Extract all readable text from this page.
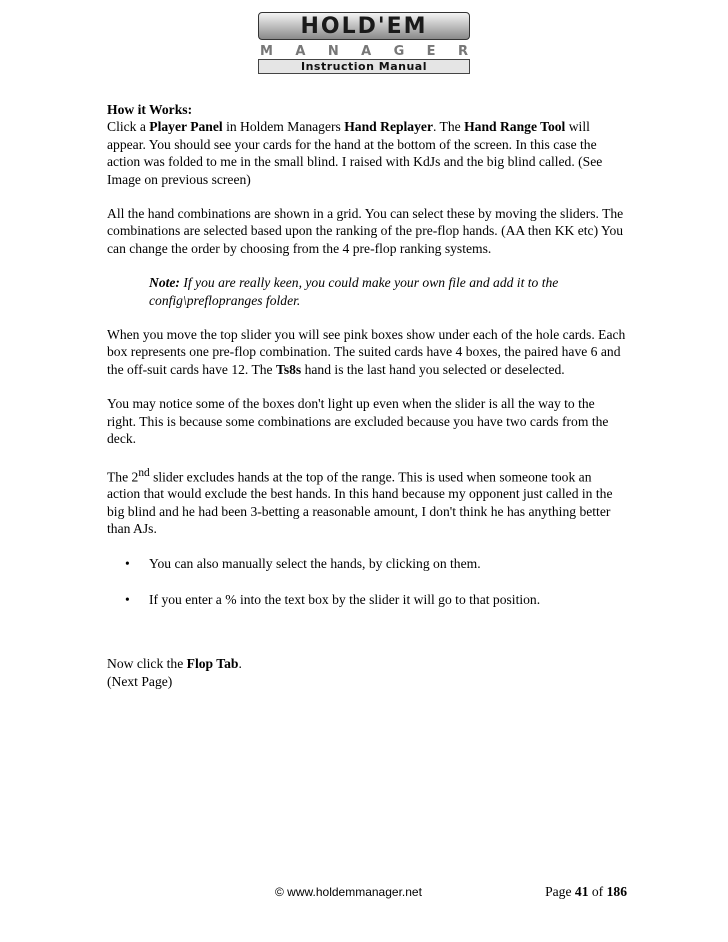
HOLD'EM
M A N A G E R
Instruction Manual

How it Works:
Click a Player Panel in Holdem Managers Hand Replayer. The Hand Range Tool will appear. You should see your cards for the hand at the bottom of the screen. In this case the action was folded to me in the small blind. I raised with KdJs and the big blind called. (See Image on previous screen)

All the hand combinations are shown in a grid. You can select these by moving the sliders. The combinations are selected based upon the ranking of the pre-flop hands. (AA then KK etc) You can change the order by choosing from the 4 pre-flop ranking systems.

Note: If you are really keen, you could make your own file and add it to the config\preflopranges folder.

When you move the top slider you will see pink boxes show under each of the hole cards. Each box represents one pre-flop combination. The suited cards have 4 boxes, the paired have 6 and the off-suit cards have 12. The Ts8s hand is the last hand you selected or deselected.

You may notice some of the boxes don't light up even when the slider is all the way to the right. This is because some combinations are excluded because you have two cards from the deck.

The 2nd slider excludes hands at the top of the range. This is used when someone took an action that would exclude the best hands. In this hand because my opponent just called in the big blind and he had been 3-betting a reasonable amount, I don't think he has anything better than AJs.

• You can also manually select the hands, by clicking on them.
• If you enter a % into the text box by the slider it will go to that position.

Now click the Flop Tab.
(Next Page)

© www.holdemmanager.net	Page 41 of 186
